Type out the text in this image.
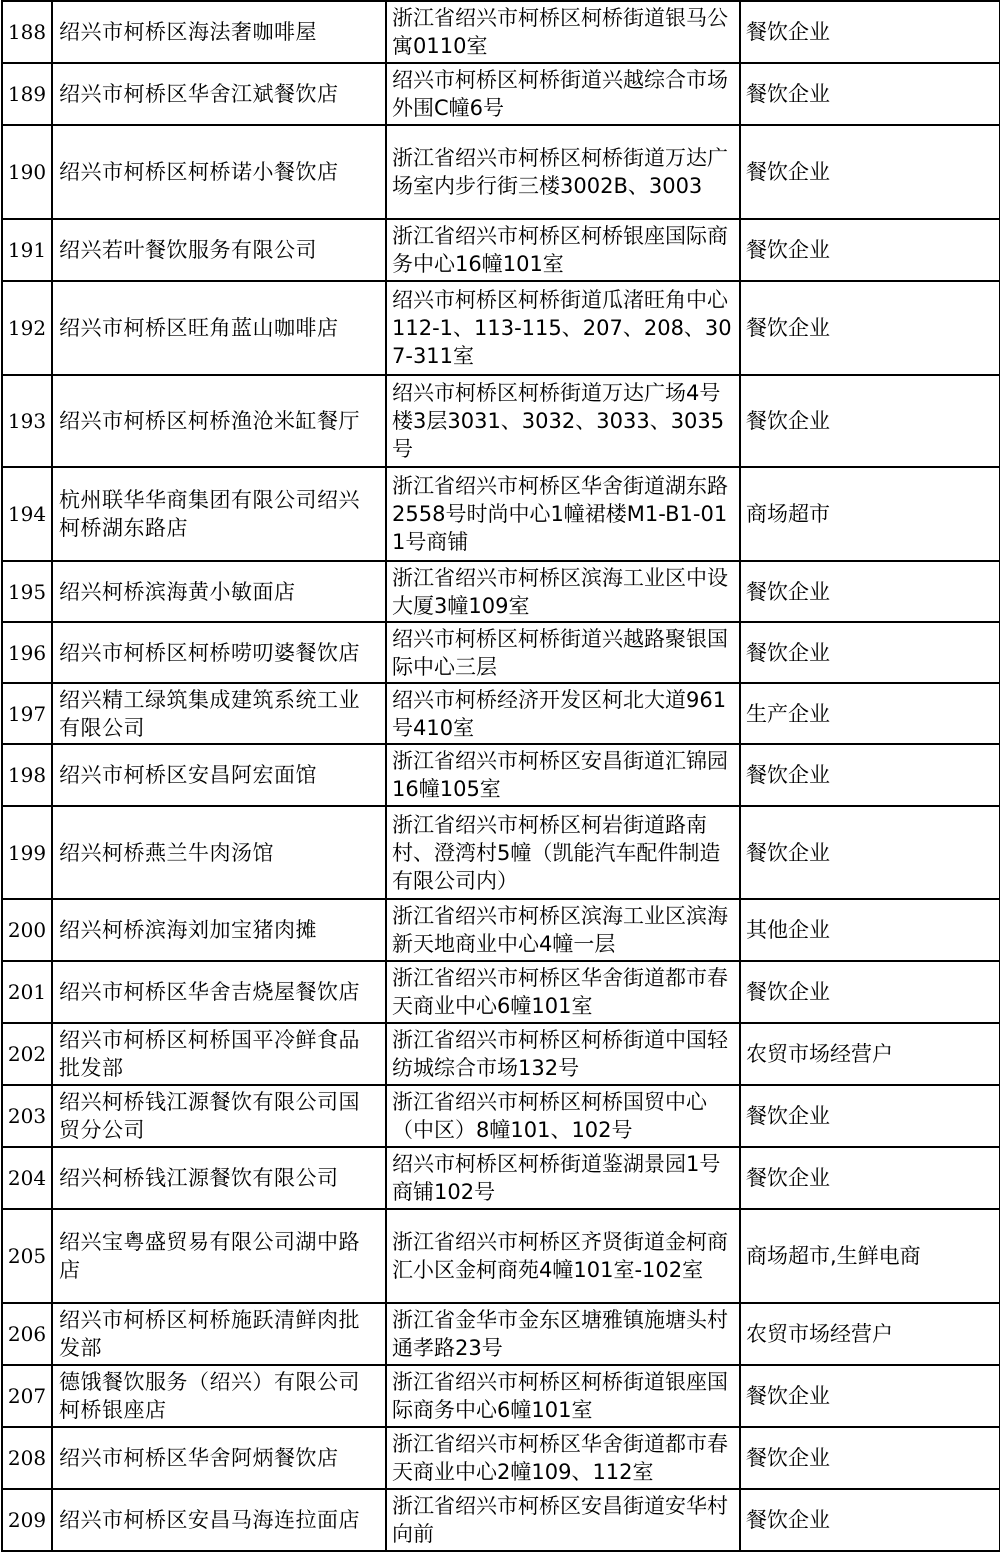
188	绍兴市柯桥区海法奢咖啡屋	浙江省绍兴市柯桥区柯桥街道银马公寓0110室	餐饮企业
189	绍兴市柯桥区华舍江斌餐饮店	绍兴市柯桥区柯桥街道兴越综合市场外围C幢6号	餐饮企业
190	绍兴市柯桥区柯桥诺小餐饮店	浙江省绍兴市柯桥区柯桥街道万达广场室内步行街三楼3002B、3003	餐饮企业
191	绍兴若叶餐饮服务有限公司	浙江省绍兴市柯桥区柯桥银座国际商务中心16幢101室	餐饮企业
192	绍兴市柯桥区旺角蓝山咖啡店	绍兴市柯桥区柯桥街道瓜渚旺角中心112-1、113-115、207、208、307-311室	餐饮企业
193	绍兴市柯桥区柯桥渔沧米缸餐厅	绍兴市柯桥区柯桥街道万达广场4号楼3层3031、3032、3033、3035号	餐饮企业
194	杭州联华华商集团有限公司绍兴柯桥湖东路店	浙江省绍兴市柯桥区华舍街道湖东路2558号时尚中心1幢裙楼M1-B1-011号商铺	商场超市
195	绍兴柯桥滨海黄小敏面店	浙江省绍兴市柯桥区滨海工业区中设大厦3幢109室	餐饮企业
196	绍兴市柯桥区柯桥唠叨婆餐饮店	绍兴市柯桥区柯桥街道兴越路聚银国际中心三层	餐饮企业
197	绍兴精工绿筑集成建筑系统工业有限公司	绍兴市柯桥经济开发区柯北大道961号410室	生产企业
198	绍兴市柯桥区安昌阿宏面馆	浙江省绍兴市柯桥区安昌街道汇锦园16幢105室	餐饮企业
199	绍兴柯桥燕兰牛肉汤馆	浙江省绍兴市柯桥区柯岩街道路南村、澄湾村5幢（凯能汽车配件制造有限公司内）	餐饮企业
200	绍兴柯桥滨海刘加宝猪肉摊	浙江省绍兴市柯桥区滨海工业区滨海新天地商业中心4幢一层	其他企业
201	绍兴市柯桥区华舍吉烧屋餐饮店	浙江省绍兴市柯桥区华舍街道都市春天商业中心6幢101室	餐饮企业
202	绍兴市柯桥区柯桥国平冷鲜食品批发部	浙江省绍兴市柯桥区柯桥街道中国轻纺城综合市场132号	农贸市场经营户
203	绍兴柯桥钱江源餐饮有限公司国贸分公司	浙江省绍兴市柯桥区柯桥国贸中心（中区）8幢101、102号	餐饮企业
204	绍兴柯桥钱江源餐饮有限公司	绍兴市柯桥区柯桥街道鉴湖景园1号商铺102号	餐饮企业
205	绍兴宝粤盛贸易有限公司湖中路店	浙江省绍兴市柯桥区齐贤街道金柯商汇小区金柯商苑4幢101室-102室	商场超市,生鲜电商
206	绍兴市柯桥区柯桥施跃清鲜肉批发部	浙江省金华市金东区塘雅镇施塘头村通孝路23号	农贸市场经营户
207	德饿餐饮服务（绍兴）有限公司柯桥银座店	浙江省绍兴市柯桥区柯桥街道银座国际商务中心6幢101室	餐饮企业
208	绍兴市柯桥区华舍阿炳餐饮店	浙江省绍兴市柯桥区华舍街道都市春天商业中心2幢109、112室	餐饮企业
209	绍兴市柯桥区安昌马海连拉面店	浙江省绍兴市柯桥区安昌街道安华村向前	餐饮企业
